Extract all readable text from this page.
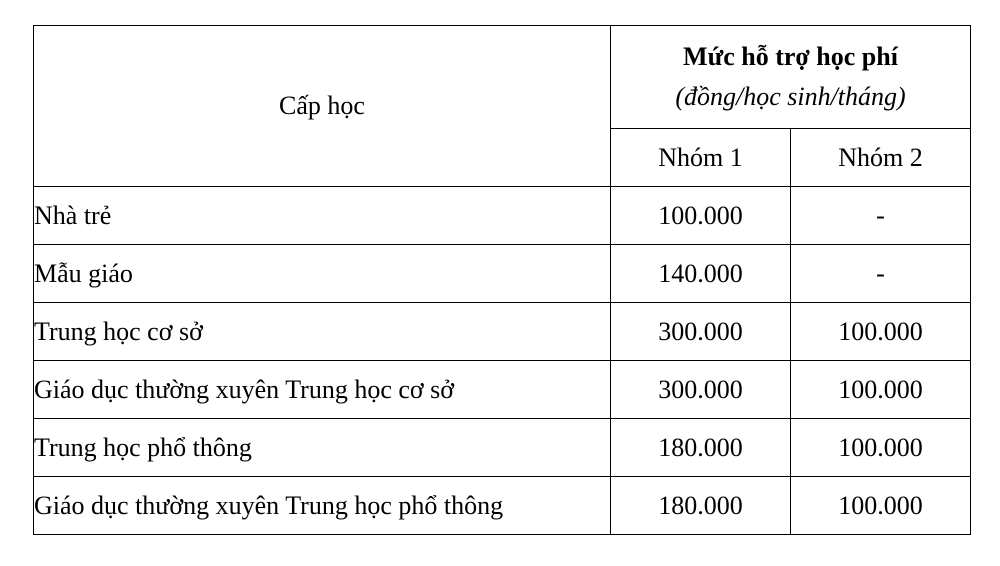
Cấp học	Mức hỗ trợ học phí
(đồng/học sinh/tháng)	

	Nhóm 1	Nhóm 2
Nhà trẻ	100.000	-
Mẫu giáo	140.000	-
Trung học cơ sở	300.000	100.000
Giáo dục thường xuyên Trung học cơ sở	300.000	100.000
Trung học phổ thông	180.000	100.000
Giáo dục thường xuyên Trung học phổ thông	180.000	100.000
